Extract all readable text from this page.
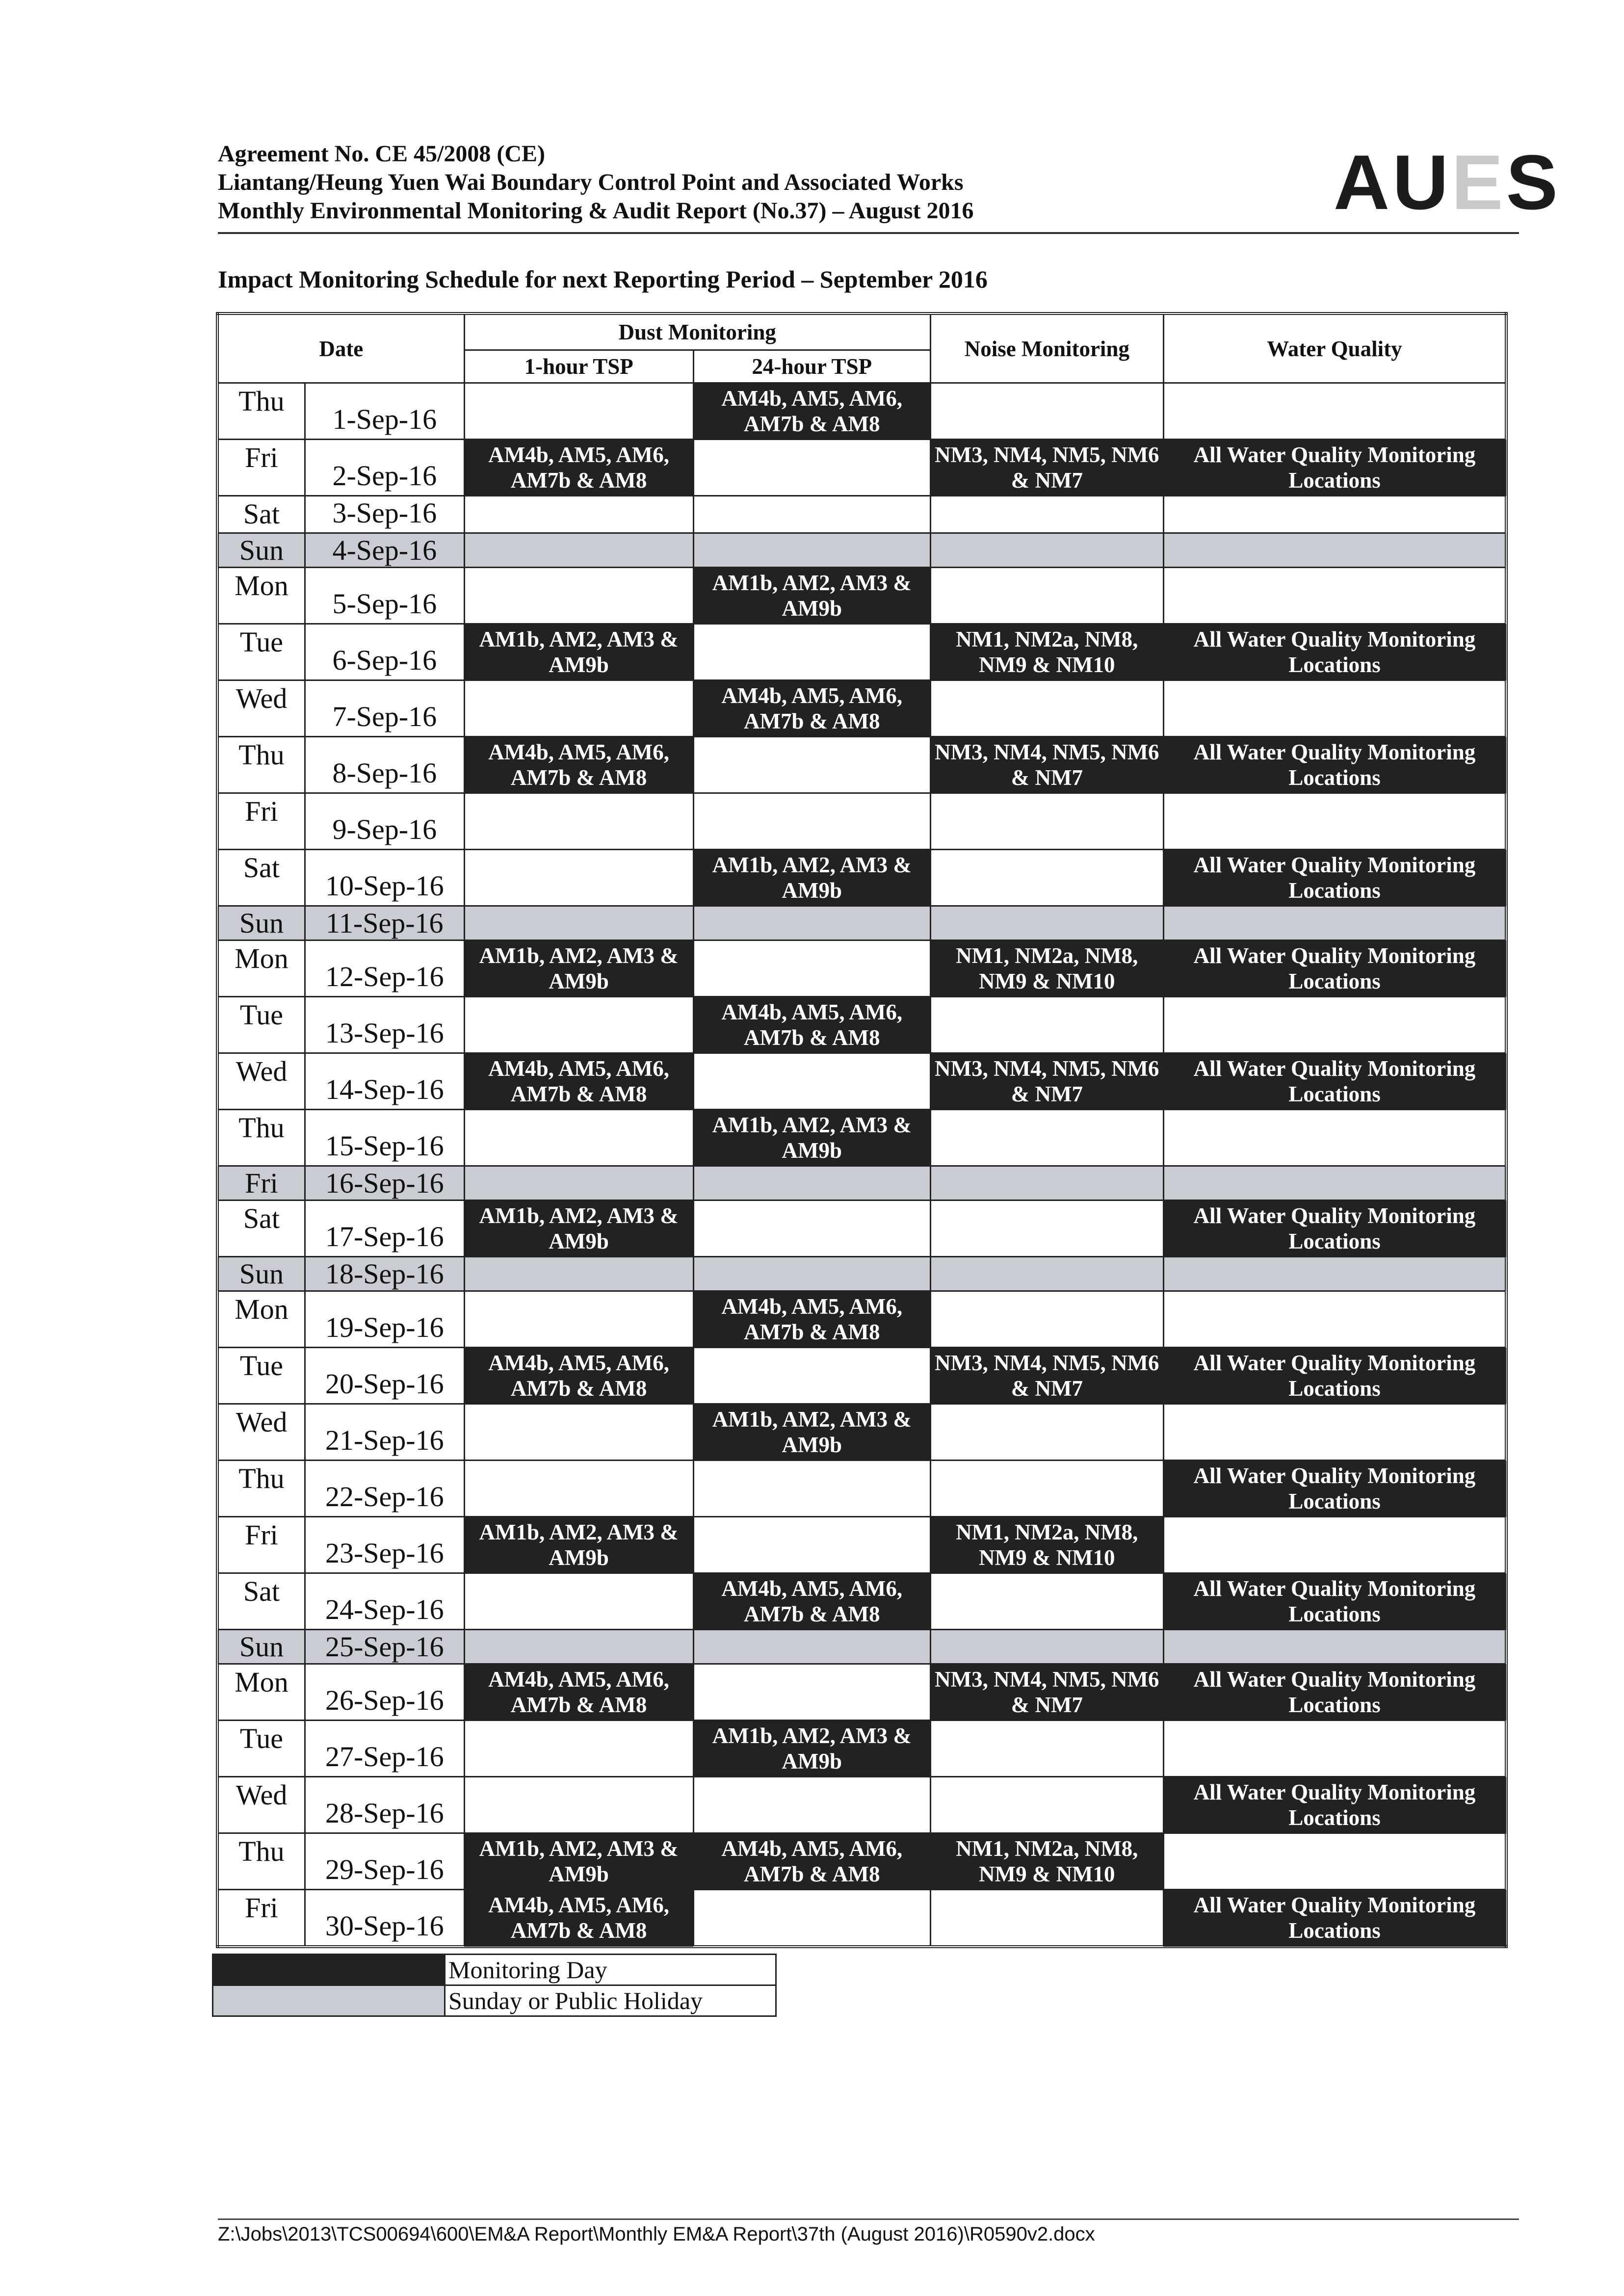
Agreement No. CE 45/2008 (CE)
Liantang/Heung Yuen Wai Boundary Control Point and Associated Works
Monthly Environmental Monitoring & Audit Report (No.37) – August 2016	AUES
Impact Monitoring Schedule for next Reporting Period – September 2016
Date		Dust Monitoring		Noise Monitoring	Water Quality
		1-hour TSP	24-hour TSP		
Thu	1-Sep-16		AM4b, AM5, AM6, AM7b & AM8		
Fri	2-Sep-16	AM4b, AM5, AM6, AM7b & AM8		NM3, NM4, NM5, NM6 & NM7	All Water Quality Monitoring Locations
Sat	3-Sep-16				
Sun	4-Sep-16				
Mon	5-Sep-16		AM1b, AM2, AM3 & AM9b		
Tue	6-Sep-16	AM1b, AM2, AM3 & AM9b		NM1, NM2a, NM8, NM9 & NM10	All Water Quality Monitoring Locations
Wed	7-Sep-16		AM4b, AM5, AM6, AM7b & AM8		
Thu	8-Sep-16	AM4b, AM5, AM6, AM7b & AM8		NM3, NM4, NM5, NM6 & NM7	All Water Quality Monitoring Locations
Fri	9-Sep-16				
Sat	10-Sep-16		AM1b, AM2, AM3 & AM9b		All Water Quality Monitoring Locations
Sun	11-Sep-16				
Mon	12-Sep-16	AM1b, AM2, AM3 & AM9b		NM1, NM2a, NM8, NM9 & NM10	All Water Quality Monitoring Locations
Tue	13-Sep-16		AM4b, AM5, AM6, AM7b & AM8		
Wed	14-Sep-16	AM4b, AM5, AM6, AM7b & AM8		NM3, NM4, NM5, NM6 & NM7	All Water Quality Monitoring Locations
Thu	15-Sep-16		AM1b, AM2, AM3 & AM9b		
Fri	16-Sep-16				
Sat	17-Sep-16	AM1b, AM2, AM3 & AM9b			All Water Quality Monitoring Locations
Sun	18-Sep-16				
Mon	19-Sep-16		AM4b, AM5, AM6, AM7b & AM8		
Tue	20-Sep-16	AM4b, AM5, AM6, AM7b & AM8		NM3, NM4, NM5, NM6 & NM7	All Water Quality Monitoring Locations
Wed	21-Sep-16		AM1b, AM2, AM3 & AM9b		
Thu	22-Sep-16				All Water Quality Monitoring Locations
Fri	23-Sep-16	AM1b, AM2, AM3 & AM9b		NM1, NM2a, NM8, NM9 & NM10	
Sat	24-Sep-16		AM4b, AM5, AM6, AM7b & AM8		All Water Quality Monitoring Locations
Sun	25-Sep-16				
Mon	26-Sep-16	AM4b, AM5, AM6, AM7b & AM8		NM3, NM4, NM5, NM6 & NM7	All Water Quality Monitoring Locations
Tue	27-Sep-16		AM1b, AM2, AM3 & AM9b		
Wed	28-Sep-16				All Water Quality Monitoring Locations
Thu	29-Sep-16	AM1b, AM2, AM3 & AM9b	AM4b, AM5, AM6, AM7b & AM8	NM1, NM2a, NM8, NM9 & NM10	
Fri	30-Sep-16	AM4b, AM5, AM6, AM7b & AM8			All Water Quality Monitoring Locations
	Monitoring Day
	Sunday or Public Holiday
Z:\Jobs\2013\TCS00694\600\EM&A Report\Monthly EM&A Report\37th (August 2016)\R0590v2.docx
